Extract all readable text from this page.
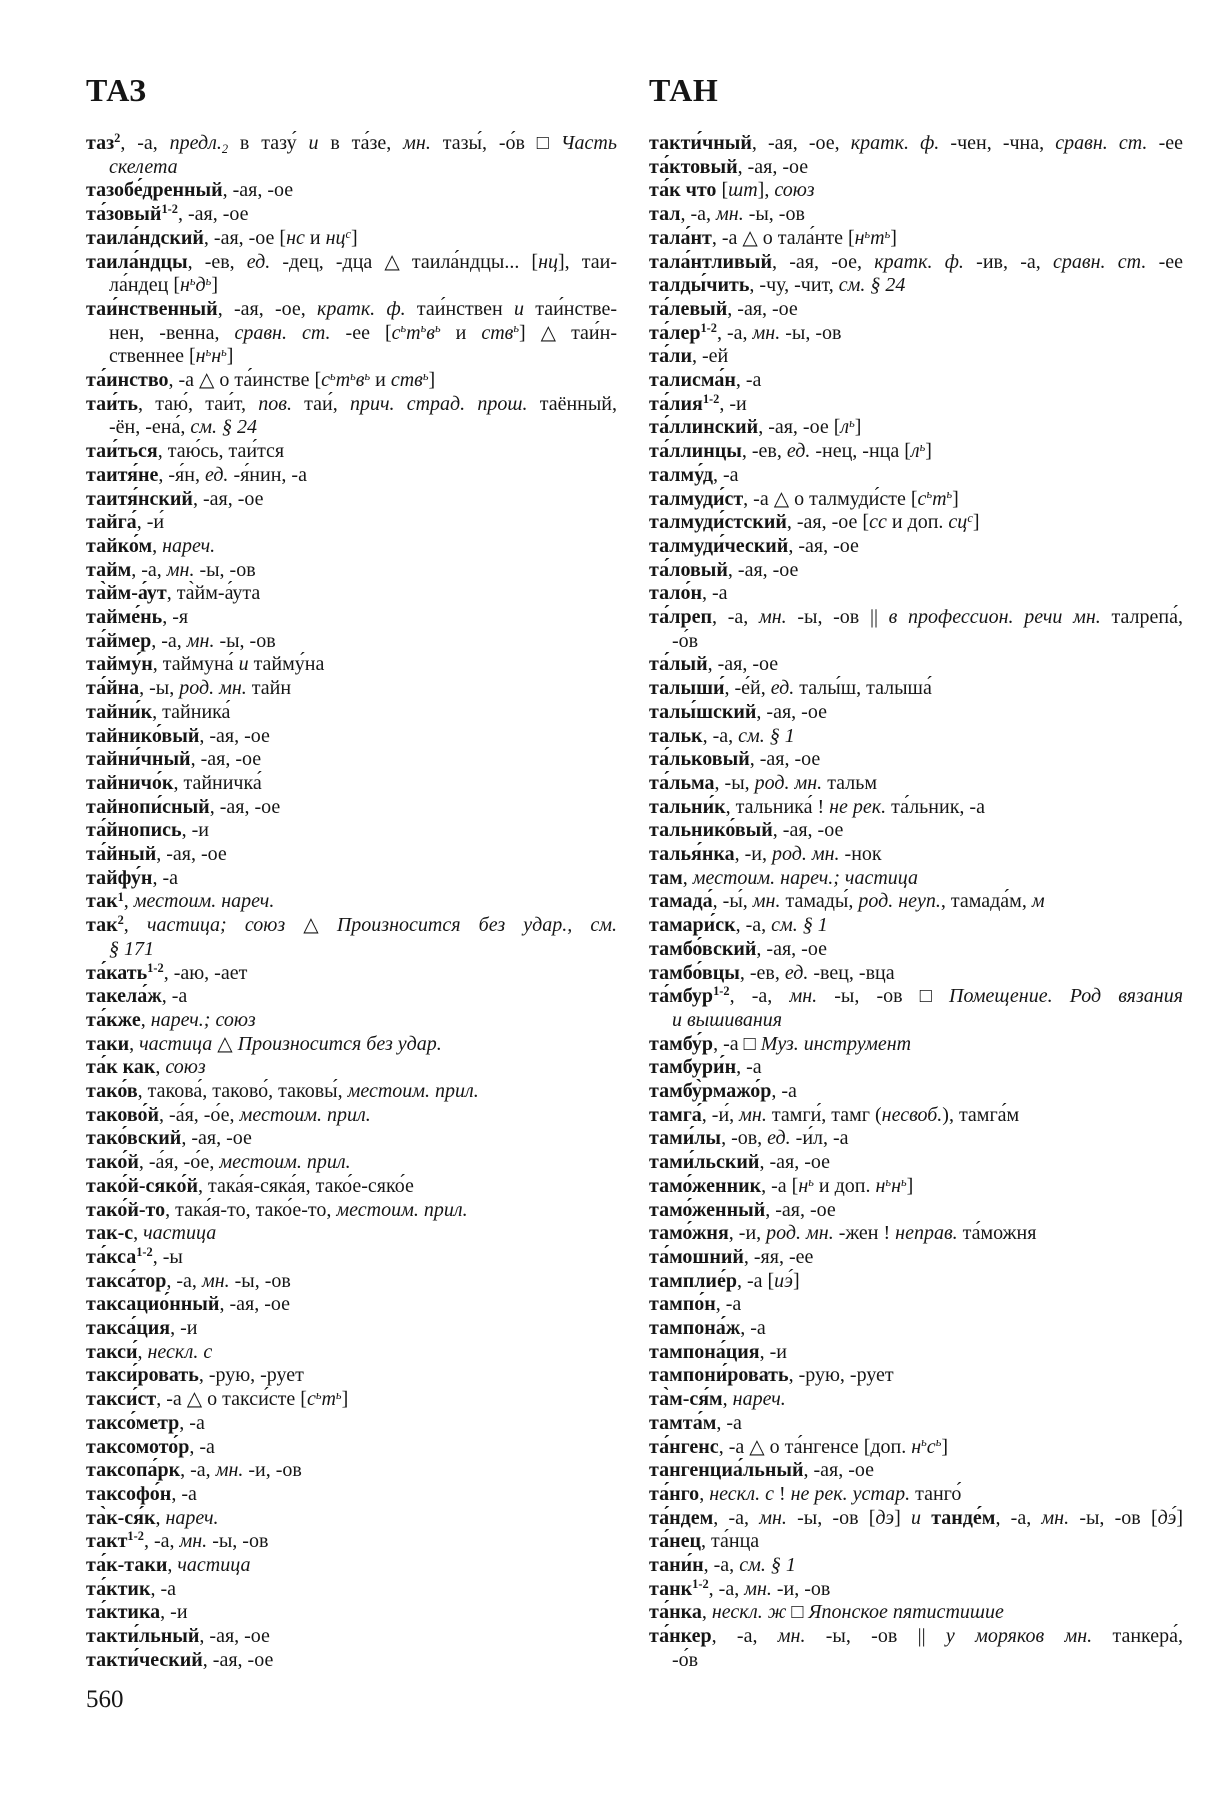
ТАЗ	ТАН
таз$^2$, -а, предл.2 в тазу́ и в та́зе, мн. тазы́, -о́в □ Часть
скелета
тазобе́дренный, -ая, -ое
та́зовый$^{1-2}$, -ая, -ое
таила́ндский, -ая, -ое [нс и $нц^с$]
таила́ндцы, -ев, ед. -дец, -дца △ таила́ндцы... [нц], таи-
ла́ндец $[н^ьд^ь]$
таи́нственный, -ая, -ое, кратк. ф. таи́нствен и таи́нстве-
нен, -венна, сравн. ст. -ее [$с^ьт^ьв^ь$ и ств$^ь$] △ таи́н-
ственнее $[н^ьн^ь]$
та́инство, -а △ о та́инстве [$с^ьт^ьв^ь$ и ств$^ь$]
таи́ть, таю́, таи́т, пов. таи́, прич. страд. прош. таённый,
-ён, -ена́, см. § 24
таи́ться, таю́сь, таи́тся
таитя́не, -я́н, ед. -я́нин, -а
таитя́нский, -ая, -ое
тайга́, -и́
тайко́м, нареч.
тайм, -а, мн. -ы, -ов
та̀йм-а́ут, та̀йм-а́ута
тайме́нь, -я
та́ймер, -а, мн. -ы, -ов
тайму́н, таймуна́ и тайму́на
та́йна, -ы, род. мн. тайн
тайни́к, тайника́
тайнико́вый, -ая, -ое
тайни́чный, -ая, -ое
тайничо́к, тайничка́
тайнопи́сный, -ая, -ое
та́йнопись, -и
та́йный, -ая, -ое
тайфу́н, -а
так$^1$, местоим. нареч.
так$^2$, частица; союз △ Произносится без удар., см.
§ 171
та́кать$^{1-2}$, -аю, -ает
такела́ж, -а
та́кже, нареч.; союз
таки, частица △ Произносится без удар.
та́к как, союз
тако́в, такова́, таково́, таковы́, местоим. прил.
таково́й, -а́я, -о́е, местоим. прил.
тако́вский, -ая, -ое
тако́й, -а́я, -о́е, местоим. прил.
тако́й-сяко́й, така́я-сяка́я, тако́е-сяко́е
тако́й-то, така́я-то, тако́е-то, местоим. прил.
так-с, частица
та́кса$^{1-2}$, -ы
такса́тор, -а, мн. -ы, -ов
таксацио́нный, -ая, -ое
такса́ция, -и
такси́, нескл. с
такси́ровать, -рую, -рует
такси́ст, -а △ о такси́сте $[с^ьт^ь]$
таксо́метр, -а
таксомото́р, -а
таксопа́рк, -а, мн. -и, -ов
таксофо́н, -а
та̀к-ся́к, нареч.
такт$^{1-2}$, -а, мн. -ы, -ов
та́к-таки, частица
та́ктик, -а
та́ктика, -и
такти́льный, -ая, -ое
такти́ческий, -ая, -ое
такти́чный, -ая, -ое, кратк. ф. -чен, -чна, сравн. ст. -ее
та́ктовый, -ая, -ое
та́к что [шт], союз
тал, -а, мн. -ы, -ов
тала́нт, -а △ о тала́нте $[н^ьт^ь]$
тала́нтливый, -ая, -ое, кратк. ф. -ив, -а, сравн. ст. -ее
талды́чить, -чу, -чит, см. § 24
та́левый, -ая, -ое
та́лер$^{1-2}$, -а, мн. -ы, -ов
та́ли, -ей
талисма́н, -а
та́лия$^{1-2}$, -и
та́ллинский, -ая, -ое $[л^ь]$
та́ллинцы, -ев, ед. -нец, -нца $[л^ь]$
талму́д, -а
талмуди́ст, -а △ о талмуди́сте $[с^ьт^ь]$
талмуди́стский, -ая, -ое [сс и доп. $сц^с$]
талмуди́ческий, -ая, -ое
та́ловый, -ая, -ое
тало́н, -а
та́лреп, -а, мн. -ы, -ов || в профессион. речи мн. талрепа́,
-о́в
та́лый, -ая, -ое
талыши́, -е́й, ед. талы́ш, талыша́
талы́шский, -ая, -ое
тальк, -а, см. § 1
та́льковый, -ая, -ое
та́льма, -ы, род. мн. тальм
тальни́к, тальника́ ! не рек. та́льник, -а
тальнико́вый, -ая, -ое
талья́нка, -и, род. мн. -нок
там, местоим. нареч.; частица
тамада́, -ы́, мн. тамады́, род. неуп., тамада́м, м
тамари́ск, -а, см. § 1
тамбо́вский, -ая, -ое
тамбо́вцы, -ев, ед. -вец, -вца
та́мбур$^{1-2}$, -а, мн. -ы, -ов □ Помещение. Род вязания
и вышивания
тамбу́р, -а □ Муз. инструмент
тамбури́н, -а
тамбу̀рмажо́р, -а
тамга́, -и́, мн. тамги́, тамг (несвоб.), тамга́м
тами́лы, -ов, ед. -и́л, -а
тами́льский, -ая, -ое
тамо́женник, -а [$н^ь$ и доп. $н^ьн^ь$]
тамо́женный, -ая, -ое
тамо́жня, -и, род. мн. -жен ! неправ. та́можня
та́мошний, -яя, -ее
тамплие́р, -а [иэ́]
тампо́н, -а
тампона́ж, -а
тампона́ция, -и
тампони́ровать, -рую, -рует
та̀м-ся́м, нареч.
тамта́м, -а
та́нгенс, -а △ о та́нгенсе [доп. $н^ьс^ь$]
тангенциа́льный, -ая, -ое
та́нго, нескл. с ! не рек. устар. танго́
та́ндем, -а, мн. -ы, -ов [дэ] и танде́м, -а, мн. -ы, -ов [дэ́]
та́нец, та́нца
тани́н, -а, см. § 1
танк$^{1-2}$, -а, мн. -и, -ов
та́нка, нескл. ж □ Японское пятистишие
та́нкер, -а, мн. -ы, -ов || у моряков мн. танкера́,
-о́в
560
